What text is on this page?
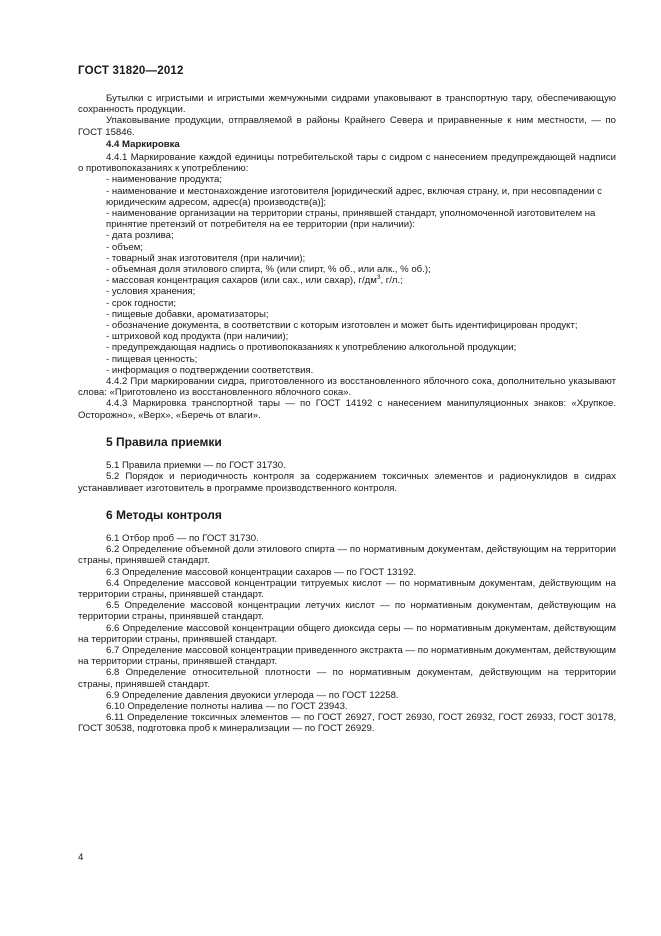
ГОСТ 31820—2012

Бутылки с игристыми и игристыми жемчужными сидрами упаковывают в транспортную тару, обеспечивающую сохранность продукции.

Упаковывание продукции, отправляемой в районы Крайнего Севера и приравненные к ним местности, — по ГОСТ 15846.

4.4 Маркировка

4.4.1 Маркирование каждой единицы потребительской тары с сидром с нанесением предупреждающей надписи о противопоказаниях к употреблению:

- наименование продукта;

- наименование и местонахождение изготовителя [юридический адрес, включая страну, и, при несовпадении с юридическим адресом, адрес(а) производств(а)];

- наименование организации на территории страны, принявшей стандарт, уполномоченной изготовителем на принятие претензий от потребителя на ее территории (при наличии):

- дата розлива;

- объем;

- товарный знак изготовителя (при наличии);

- объемная доля этилового спирта, % (или спирт, % об., или алк., % об.);

- массовая концентрация сахаров (или сах., или сахар), $г/дм^3$, г/л.;

- условия хранения;

- срок годности;

- пищевые добавки, ароматизаторы;

- обозначение документа, в соответствии с которым изготовлен и может быть идентифицирован продукт;

- штриховой код продукта (при наличии);

- предупреждающая надпись о противопоказаниях к употреблению алкогольной продукции;

- пищевая ценность;

- информация о подтверждении соответствия.

4.4.2 При маркировании сидра, приготовленного из восстановленного яблочного сока, дополнительно указывают слова: «Приготовлено из восстановленного яблочного сока».

4.4.3 Маркировка транспортной тары — по ГОСТ 14192 с нанесением манипуляционных знаков: «Хрупкое. Осторожно», «Верх», «Беречь от влаги».

5 Правила приемки

5.1 Правила приемки — по ГОСТ 31730.

5.2 Порядок и периодичность контроля за содержанием токсичных элементов и радионуклидов в сидрах устанавливает изготовитель в программе производственного контроля.

6 Методы контроля

6.1 Отбор проб — по ГОСТ 31730.

6.2 Определение объемной доли этилового спирта — по нормативным документам, действующим на территории страны, принявшей стандарт.

6.3 Определение массовой концентрации сахаров — по ГОСТ 13192.

6.4 Определение массовой концентрации титруемых кислот — по нормативным документам, действующим на территории страны, принявшей стандарт.

6.5 Определение массовой концентрации летучих кислот — по нормативным документам, действующим на территории страны, принявшей стандарт.

6.6 Определение массовой концентрации общего диоксида серы — по нормативным документам, действующим на территории страны, принявшей стандарт.

6.7 Определение массовой концентрации приведенного экстракта — по нормативным документам, действующим на территории страны, принявшей стандарт.

6.8 Определение относительной плотности — по нормативным документам, действующим на территории страны, принявшей стандарт.

6.9 Определение давления двуокиси углерода — по ГОСТ 12258.

6.10 Определение полноты налива — по ГОСТ 23943.

6.11 Определение токсичных элементов — по ГОСТ 26927, ГОСТ 26930, ГОСТ 26932, ГОСТ 26933, ГОСТ 30178, ГОСТ 30538, подготовка проб к минерализации — по ГОСТ 26929.

4
